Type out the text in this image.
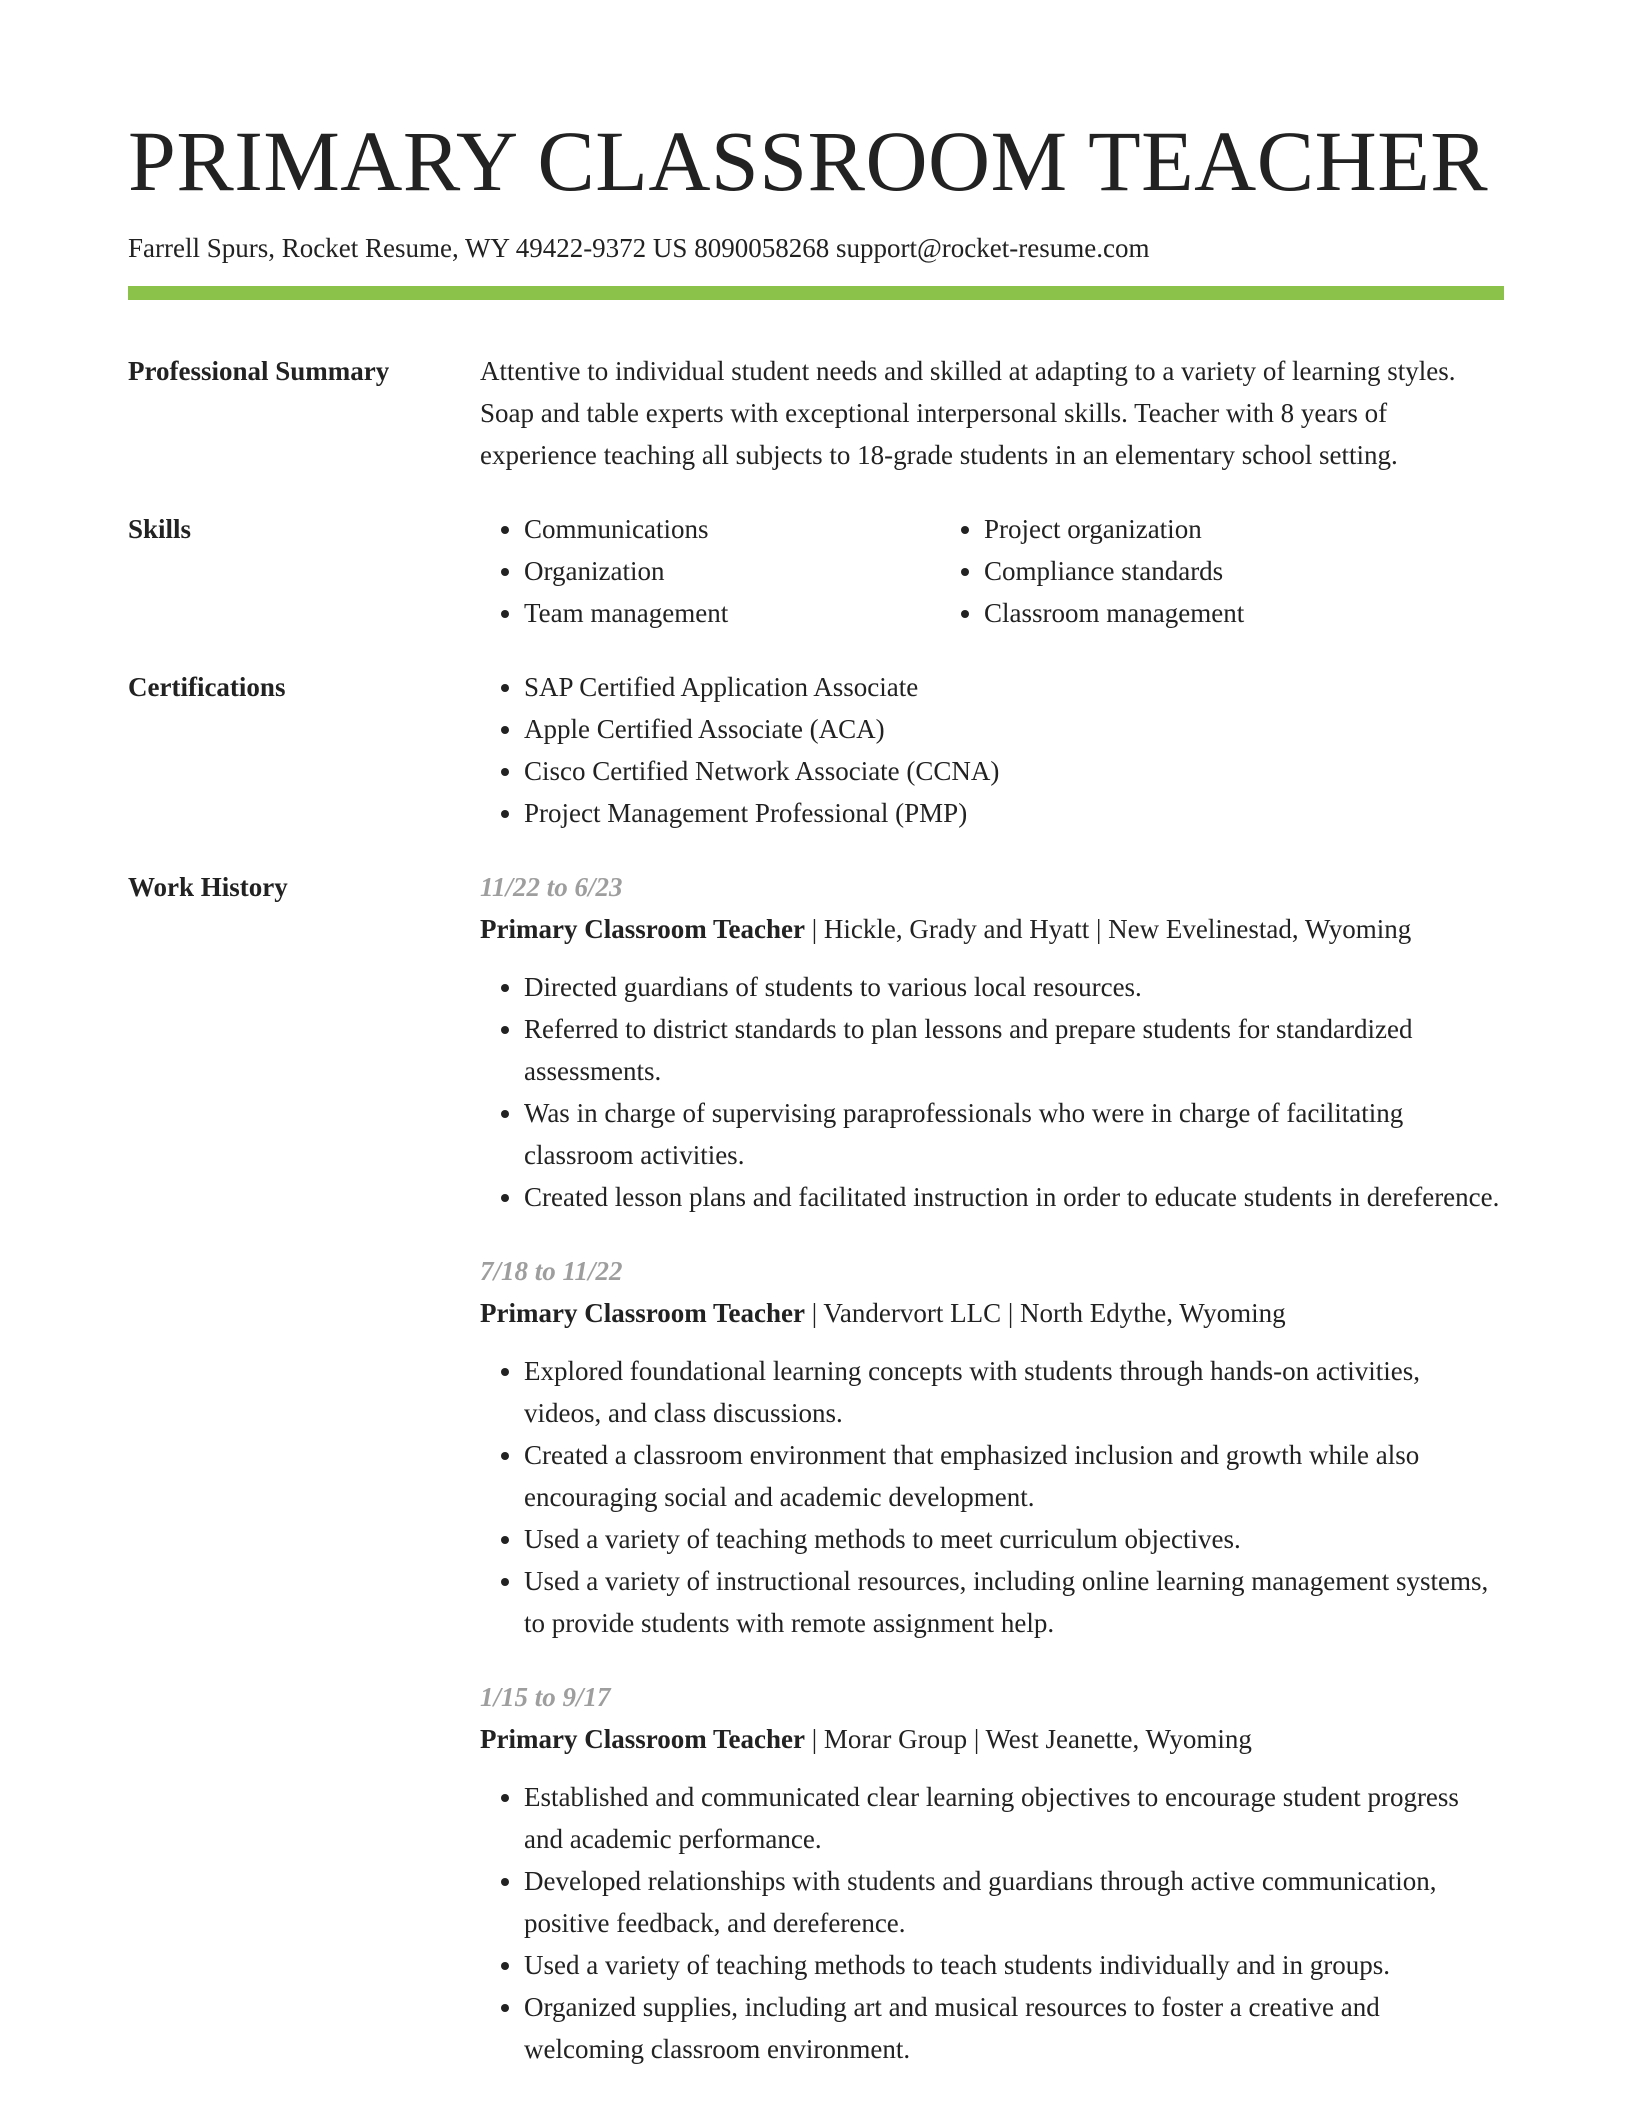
PRIMARY CLASSROOM TEACHER
Farrell Spurs, Rocket Resume, WY 49422-9372 US 8090058268 support@rocket-resume.com
Professional Summary	Attentive to individual student needs and skilled at adapting to a variety of learning styles. Soap and table experts with exceptional interpersonal skills. Teacher with 8 years of experience teaching all subjects to 18-grade students in an elementary school setting.

Skills	• Communications
• Organization
• Team management
• Project organization
• Compliance standards
• Classroom management
Certifications	• SAP Certified Application Associate
• Apple Certified Associate (ACA)
• Cisco Certified Network Associate (CCNA)
• Project Management Professional (PMP)
Work History	11/22 to 6/23
Primary Classroom Teacher | Hickle, Grady and Hyatt | New Evelinestad, Wyoming
• Directed guardians of students to various local resources.
• Referred to district standards to plan lessons and prepare students for standardized assessments.
• Was in charge of supervising paraprofessionals who were in charge of facilitating classroom activities.
• Created lesson plans and facilitated instruction in order to educate students in dereference.
7/18 to 11/22
Primary Classroom Teacher | Vandervort LLC | North Edythe, Wyoming
• Explored foundational learning concepts with students through hands-on activities, videos, and class discussions.
• Created a classroom environment that emphasized inclusion and growth while also encouraging social and academic development.
• Used a variety of teaching methods to meet curriculum objectives.
• Used a variety of instructional resources, including online learning management systems, to provide students with remote assignment help.
1/15 to 9/17
Primary Classroom Teacher | Morar Group | West Jeanette, Wyoming
• Established and communicated clear learning objectives to encourage student progress and academic performance.
• Developed relationships with students and guardians through active communication, positive feedback, and dereference.
• Used a variety of teaching methods to teach students individually and in groups.
• Organized supplies, including art and musical resources to foster a creative and welcoming classroom environment.
